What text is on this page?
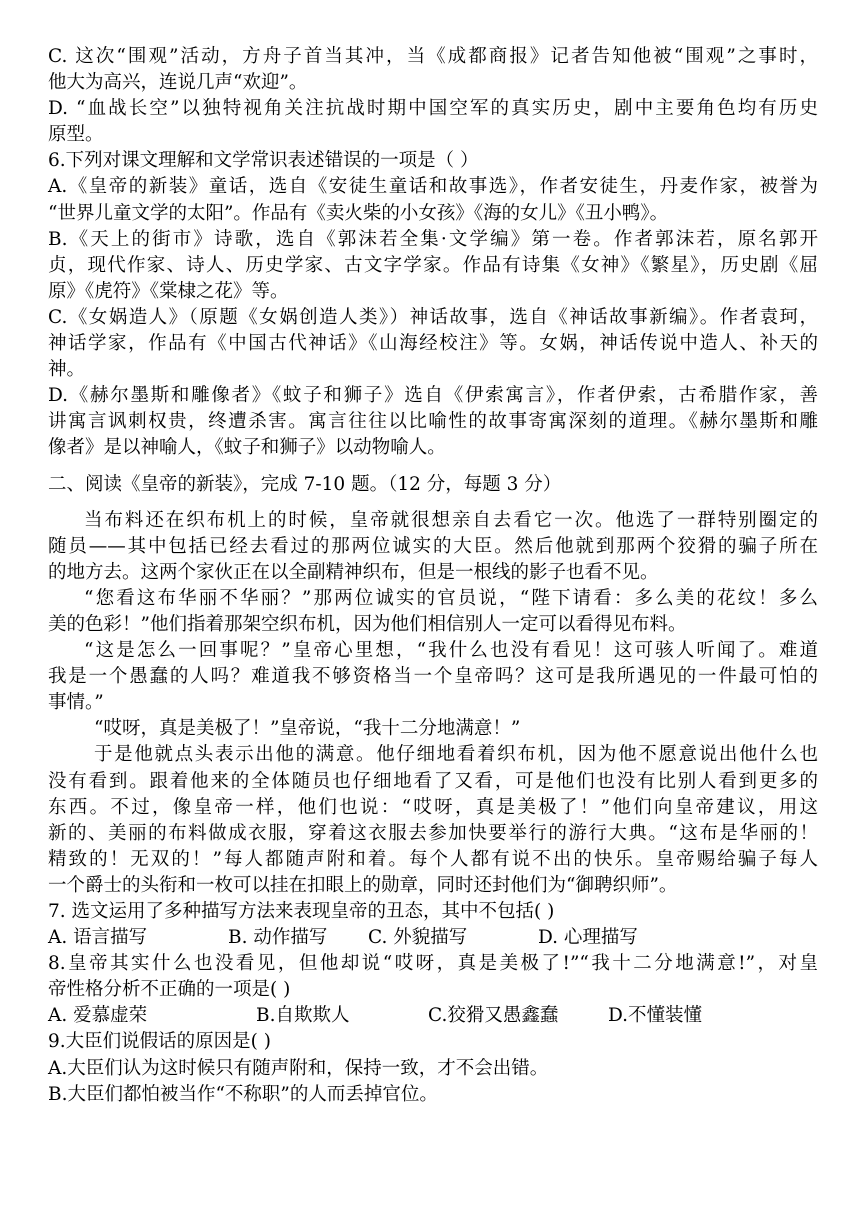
C. 这次“围观”活动，方舟子首当其冲，当《成都商报》记者告知他被“围观”之事时，
他大为高兴，连说几声“欢迎”。
D. “血战长空”以独特视角关注抗战时期中国空军的真实历史，剧中主要角色均有历史
原型。
6.下列对课文理解和文学常识表述错误的一项是（ ）
A.《皇帝的新装》童话，选自《安徒生童话和故事选》，作者安徒生，丹麦作家，被誉为
“世界儿童文学的太阳”。作品有《卖火柴的小女孩》《海的女儿》《丑小鸭》。
B.《天上的街市》诗歌，选自《郭沫若全集·文学编》第一卷。作者郭沫若，原名郭开
贞，现代作家、诗人、历史学家、古文字学家。作品有诗集《女神》《繁星》，历史剧《屈
原》《虎符》《棠棣之花》等。
C.《女娲造人》（原题《女娲创造人类》）神话故事，选自《神话故事新编》。作者袁珂，
神话学家，作品有《中国古代神话》《山海经校注》等。女娲，神话传说中造人、补天的
神。
D.《赫尔墨斯和雕像者》《蚊子和狮子》选自《伊索寓言》，作者伊索，古希腊作家，善
讲寓言讽刺权贵，终遭杀害。寓言往往以比喻性的故事寄寓深刻的道理。《赫尔墨斯和雕
像者》是以神喻人，《蚊子和狮子》以动物喻人。
二、阅读《皇帝的新装》，完成 7-10 题。（12 分，每题 3 分）
当布料还在织布机上的时候，皇帝就很想亲自去看它一次。他选了一群特别圈定的
随员——其中包括已经去看过的那两位诚实的大臣。然后他就到那两个狡猾的骗子所在
的地方去。这两个家伙正在以全副精神织布，但是一根线的影子也看不见。
“您看这布华丽不华丽？”那两位诚实的官员说，“陛下请看：多么美的花纹！多么
美的色彩！”他们指着那架空织布机，因为他们相信别人一定可以看得见布料。
“这是怎么一回事呢？”皇帝心里想，“我什么也没有看见！这可骇人听闻了。难道
我是一个愚蠢的人吗？难道我不够资格当一个皇帝吗？这可是我所遇见的一件最可怕的
事情。”
“哎呀，真是美极了！”皇帝说，“我十二分地满意！”
于是他就点头表示出他的满意。他仔细地看着织布机，因为他不愿意说出他什么也
没有看到。跟着他来的全体随员也仔细地看了又看，可是他们也没有比别人看到更多的
东西。不过，像皇帝一样，他们也说：“哎呀，真是美极了！”他们向皇帝建议，用这
新的、美丽的布料做成衣服，穿着这衣服去参加快要举行的游行大典。“这布是华丽的！
精致的！无双的！”每人都随声附和着。每个人都有说不出的快乐。皇帝赐给骗子每人
一个爵士的头衔和一枚可以挂在扣眼上的勋章，同时还封他们为“御聘织师”。
7. 选文运用了多种描写方法来表现皇帝的丑态，其中不包括( )
A. 语言描写	B. 动作描写	C. 外貌描写	D. 心理描写
8.皇帝其实什么也没看见，但他却说“哎呀，真是美极了!”“我十二分地满意!”，对皇
帝性格分析不正确的一项是( )
A. 爱慕虚荣	B.自欺欺人	C.狡猾又愚鑫蠢	D.不懂装懂
9.大臣们说假话的原因是( )
A.大臣们认为这时候只有随声附和，保持一致，才不会出错。
B.大臣们都怕被当作“不称职”的人而丢掉官位。
